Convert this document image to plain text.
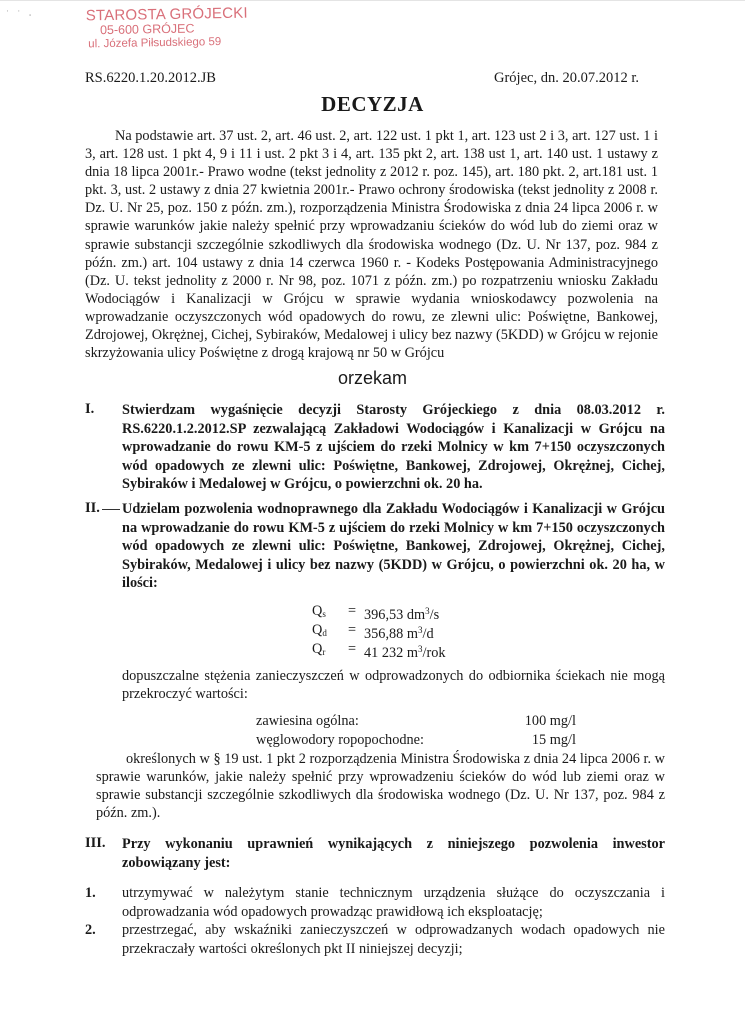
· · ¸	STAROSTA GRÓJECKI
05-600 GRÓJEC
ul. Józefa Piłsudskiego 59
RS.6220.1.20.2012.JB	Grójec, dn. 20.07.2012 r.
DECYZJA
Na podstawie art. 37 ust. 2, art. 46 ust. 2, art. 122 ust. 1 pkt 1, art. 123 ust 2 i 3, art. 127 ust. 1 i 3, art. 128 ust. 1 pkt 4, 9 i 11 i ust. 2 pkt 3 i 4, art. 135 pkt 2, art. 138 ust 1, art. 140 ust. 1 ustawy z dnia 18 lipca 2001r.- Prawo wodne (tekst jednolity z 2012 r. poz. 145), art. 180 pkt. 2, art.181 ust. 1 pkt. 3, ust. 2 ustawy z dnia 27 kwietnia 2001r.- Prawo ochrony środowiska (tekst jednolity z 2008 r. Dz. U. Nr 25, poz. 150 z późn. zm.), rozporządzenia Ministra Środowiska z dnia 24 lipca 2006 r. w sprawie warunków jakie należy spełnić przy wprowadzaniu ścieków do wód lub do ziemi oraz w sprawie substancji szczególnie szkodliwych dla środowiska wodnego (Dz. U. Nr 137, poz. 984 z późn. zm.) art. 104 ustawy z dnia 14 czerwca 1960 r. - Kodeks Postępowania Administracyjnego (Dz. U. tekst jednolity z 2000 r. Nr 98, poz. 1071 z późn. zm.) po rozpatrzeniu wniosku Zakładu Wodociągów i Kanalizacji w Grójcu w sprawie wydania wnioskodawcy pozwolenia na wprowadzanie oczyszczonych wód opadowych do rowu, ze zlewni ulic: Poświętne, Bankowej, Zdrojowej, Okrężnej, Cichej, Sybiraków, Medalowej i ulicy bez nazwy (5KDD) w Grójcu w rejonie skrzyżowania ulicy Poświętne z drogą krajową nr 50 w Grójcu
orzekam
I. Stwierdzam wygaśnięcie decyzji Starosty Grójeckiego z dnia 08.03.2012 r. RS.6220.1.2.2012.SP zezwalającą Zakładowi Wodociągów i Kanalizacji w Grójcu na wprowadzanie do rowu KM-5 z ujściem do rzeki Molnicy w km 7+150 oczyszczonych wód opadowych ze zlewni ulic: Poświętne, Bankowej, Zdrojowej, Okrężnej, Cichej, Sybiraków i Medalowej w Grójcu, o powierzchni ok. 20 ha.
II. Udzielam pozwolenia wodnoprawnego dla Zakładu Wodociągów i Kanalizacji w Grójcu na wprowadzanie do rowu KM-5 z ujściem do rzeki Molnicy w km 7+150 oczyszczonych wód opadowych ze zlewni ulic: Poświętne, Bankowej, Zdrojowej, Okrężnej, Cichej, Sybiraków, Medalowej i ulicy bez nazwy (5KDD) w Grójcu, o powierzchni ok. 20 ha, w ilości:
$Q_s$	= 396,53 $dm^3/s$
$Q_d$	= 356,88 $m^3/d$
$Q_r$	= 41 232 $m^3$/rok
dopuszczalne stężenia zanieczyszczeń w odprowadzonych do odbiornika ściekach nie mogą przekroczyć wartości:
zawiesina ogólna:	100 mg/l
węglowodory ropopochodne:	15 mg/l
określonych w § 19 ust. 1 pkt 2 rozporządzenia Ministra Środowiska z dnia 24 lipca 2006 r. w sprawie warunków, jakie należy spełnić przy wprowadzeniu ścieków do wód lub ziemi oraz w sprawie substancji szczególnie szkodliwych dla środowiska wodnego (Dz. U. Nr 137, poz. 984 z późn. zm.).
III. Przy wykonaniu uprawnień wynikających z niniejszego pozwolenia inwestor zobowiązany jest:
1. utrzymywać w należytym stanie technicznym urządzenia służące do oczyszczania i odprowadzania wód opadowych prowadząc prawidłową ich eksploatację;
2. przestrzegać, aby wskaźniki zanieczyszczeń w odprowadzanych wodach opadowych nie przekraczały wartości określonych pkt II niniejszej decyzji;
